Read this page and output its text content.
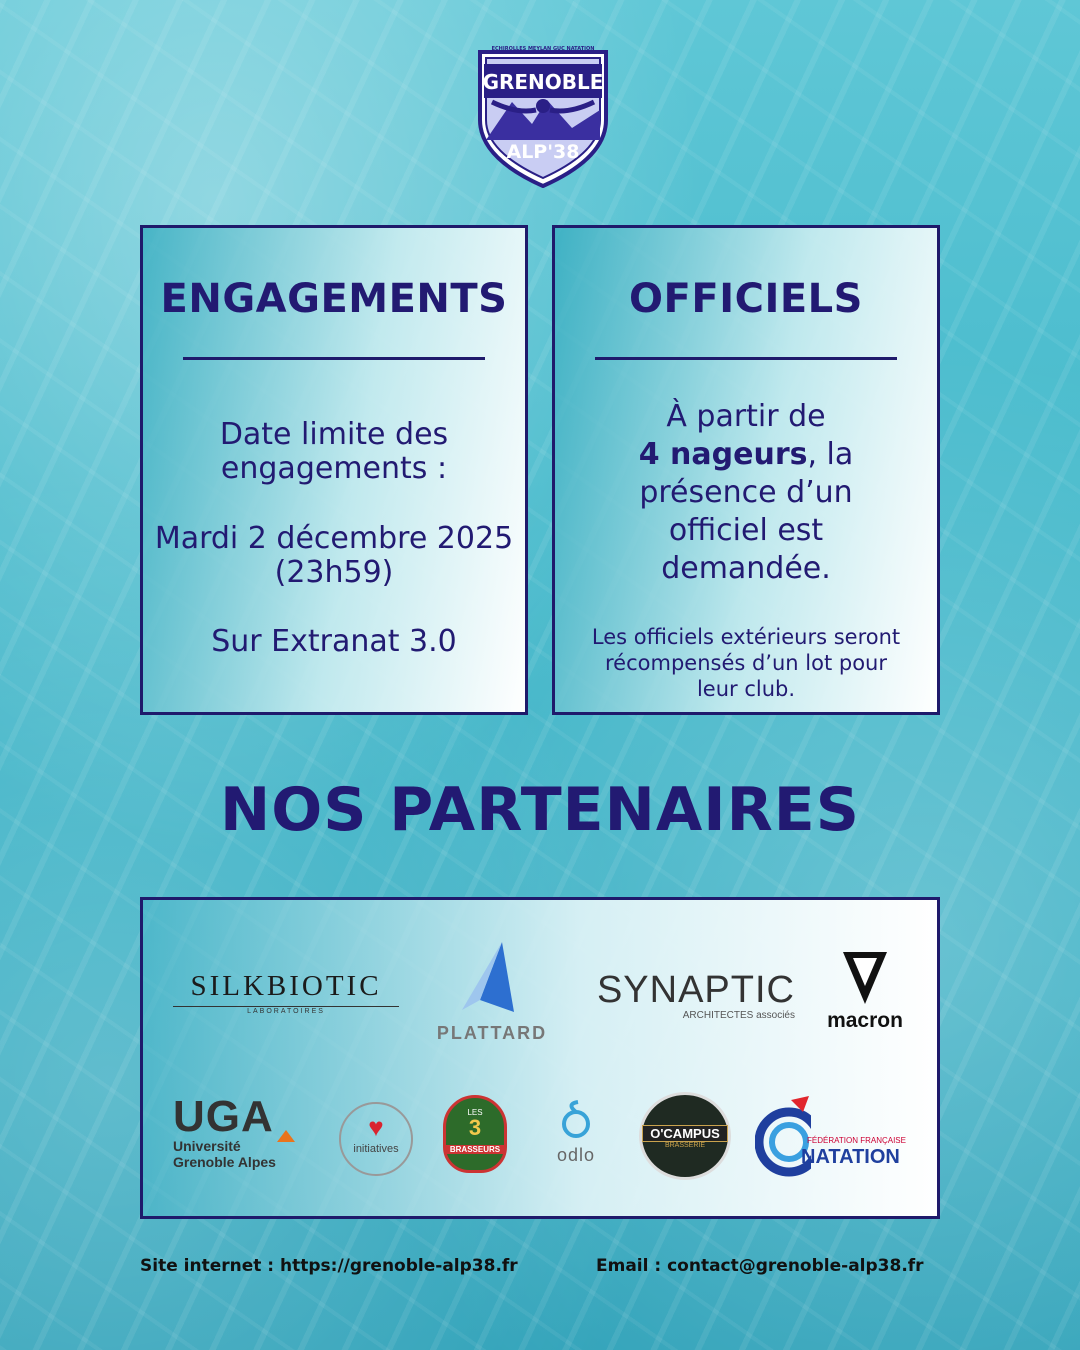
ECHIROLLES MEYLAN GUC NATATION
GRENOBLE
ALP'38
ENGAGEMENTS
Date limite des
engagements :
Mardi 2 décembre 2025
(23h59)
Sur Extranat 3.0
OFFICIELS
À partir de
4 nageurs, la
présence d’un
officiel est
demandée.
Les officiels extérieurs seront
récompensés d’un lot pour
leur club.
NOS PARTENAIRES
SILKBIOTIC
LABORATOIRES
PLATTARD
SYNAPTIC
ARCHITECTES associés	macron
UGA
Université
Grenoble Alpes
♥
initiatives
LES
3
BRASSEURS	odlo
O'CAMPUS
BRASSERIE
FÉDÉRATION FRANÇAISE
NATATION
Site internet : https://grenoble-alp38.fr	Email : contact@grenoble-alp38.fr
